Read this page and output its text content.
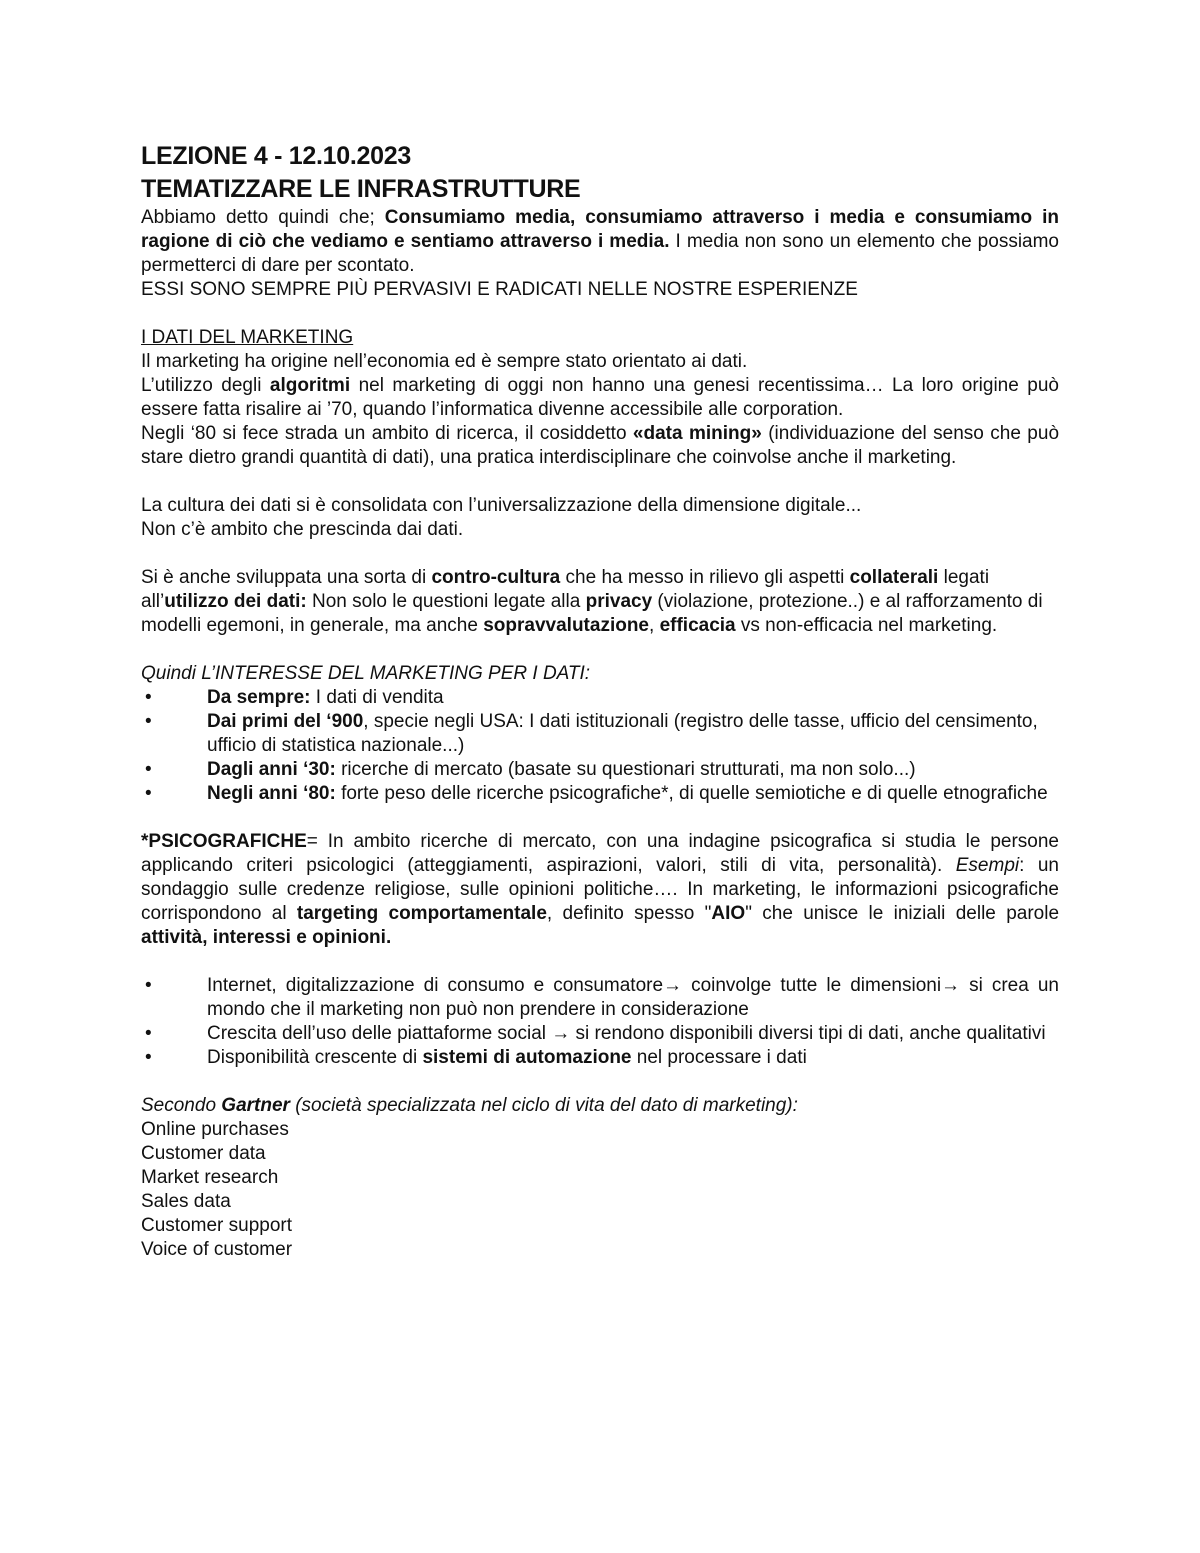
LEZIONE 4 - 12.10.2023
TEMATIZZARE LE INFRASTRUTTURE

Abbiamo detto quindi che; Consumiamo media, consumiamo attraverso i media e consumiamo in ragione di ciò che vediamo e sentiamo attraverso i media. I media non sono un elemento che possiamo permetterci di dare per scontato.

ESSI SONO SEMPRE PIÙ PERVASIVI E RADICATI NELLE NOSTRE ESPERIENZE

I DATI DEL MARKETING

Il marketing ha origine nell’economia ed è sempre stato orientato ai dati.

L’utilizzo degli algoritmi nel marketing di oggi non hanno una genesi recentissima… La loro origine può essere fatta risalire ai ’70, quando l’informatica divenne accessibile alle corporation.

Negli ‘80 si fece strada un ambito di ricerca, il cosiddetto «data mining» (individuazione del senso che può stare dietro grandi quantità di dati), una pratica interdisciplinare che coinvolse anche il marketing.

La cultura dei dati si è consolidata con l’universalizzazione della dimensione digitale...

Non c’è ambito che prescinda dai dati.

Si è anche sviluppata una sorta di contro-cultura che ha messo in rilievo gli aspetti collaterali legati all’utilizzo dei dati: Non solo le questioni legate alla privacy (violazione, protezione..) e al rafforzamento di modelli egemoni, in generale, ma anche sopravvalutazione, efficacia vs non-efficacia nel marketing.

Quindi L’INTERESSE DEL MARKETING PER I DATI:

•	Da sempre: I dati di vendita
•	Dai primi del ‘900, specie negli USA: I dati istituzionali (registro delle tasse, ufficio del censimento, ufficio di statistica nazionale...)
•	Dagli anni ‘30: ricerche di mercato (basate su questionari strutturati, ma non solo...)
•	Negli anni ‘80: forte peso delle ricerche psicografiche*, di quelle semiotiche e di quelle etnografiche

*PSICOGRAFICHE= In ambito ricerche di mercato, con una indagine psicografica si studia le persone applicando criteri psicologici (atteggiamenti, aspirazioni, valori, stili di vita, personalità). Esempi: un sondaggio sulle credenze religiose, sulle opinioni politiche…. In marketing, le informazioni psicografiche corrispondono al targeting comportamentale, definito spesso "AIO" che unisce le iniziali delle parole attività, interessi e opinioni.

•	Internet, digitalizzazione di consumo e consumatore→ coinvolge tutte le dimensioni→ si crea un mondo che il marketing non può non prendere in considerazione
•	Crescita dell’uso delle piattaforme social → si rendono disponibili diversi tipi di dati, anche qualitativi
•	Disponibilità crescente di sistemi di automazione nel processare i dati

Secondo Gartner (società specializzata nel ciclo di vita del dato di marketing):

Online purchases

Customer data

Market research

Sales data

Customer support

Voice of customer
